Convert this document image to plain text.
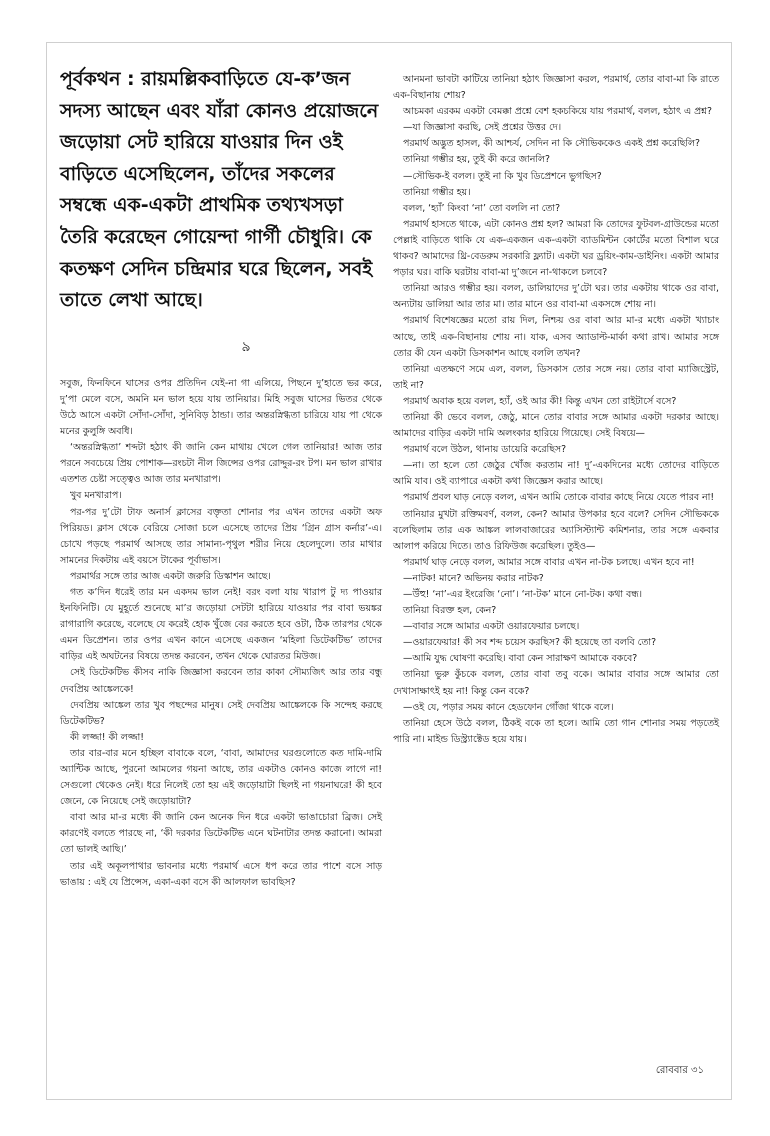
পূর্বকথন : রায়মল্লিকবাড়িতে যে-ক’জন সদস্য আছেন এবং যাঁরা কোনও প্রয়োজনে জড়োয়া সেট হারিয়ে যাওয়ার দিন ওই বাড়িতে এসেছিলেন, তাঁদের সকলের সম্বন্ধে এক-একটা প্রাথমিক তথ্যখসড়া তৈরি করেছেন গোয়েন্দা গার্গী চৌধুরি। কে কতক্ষণ সেদিন চন্দ্রিমার ঘরে ছিলেন, সবই তাতে লেখা আছে।

৯

সবুজ, ফিনফিনে ঘাসের ওপর প্রতিদিন যেই-না গা এলিয়ে, পিছনে দু’হাতে ভর করে, দু’পা মেলে বসে, অমনি মন ভাল হয়ে যায় তানিয়ার। মিহি সবুজ ঘাসের ভিতর থেকে উঠে আসে একটা সোঁদা-সোঁদা, সুনিবিড় ঠান্ডা। তার অন্তরস্নিগ্ধতা চারিয়ে যায় পা থেকে মনের কুলুঙ্গি অবধি।

‘অন্তরস্নিগ্ধতা’ শব্দটা হঠাৎ কী জানি কেন মাথায় খেলে গেল তানিয়ার! আজ তার পরনে সবচেয়ে প্রিয় পোশাক—রংচটা নীল জিন্সের ওপর রোদ্দুর-রং টপ। মন ভাল রাখার এতশত চেষ্টা সত্ত্বেও আজ তার মনখারাপ।

খুব মনখারাপ।

পর-পর দু’টো টাফ অনার্স ক্লাসের বক্তৃতা শোনার পর এখন তাদের একটা অফ পিরিয়ড। ক্লাস থেকে বেরিয়ে সোজা চলে এসেছে তাদের প্রিয় ‘গ্রিন গ্রাস কর্নার’-এ। চোখে পড়ছে পরমার্থ আসছে তার সামান্য-পৃথুল শরীর নিয়ে হেলেদুলে। তার মাথার সামনের দিকটায় এই বয়সে টাকের পূর্বাভাস।

পরমার্থর সঙ্গে তার আজ একটা জরুরি ডিস্কাশন আছে।

গত ক’দিন ধরেই তার মন একদম ভাল নেই! বরং বলা যায় খারাপ টু দ্য পাওয়ার ইনফিনিটি। যে মুহূর্তে শুনেছে মা’র জড়োয়া সেটটা হারিয়ে যাওয়ার পর বাবা ভয়ঙ্কর রাগারাগি করেছে, বলেছে যে করেই হোক খুঁজে বের করতে হবে ওটা, ঠিক তারপর থেকে এমন ডিপ্রেশন। তার ওপর এখন কানে এসেছে একজন ‘মহিলা ডিটেকটিভ’ তাদের বাড়ির এই অঘটনের বিষয়ে তদন্ত করবেন, তখন থেকে ঘোরতর মিউজ।

সেই ডিটেকটিভ কীসব নাকি জিজ্ঞাসা করবেন তার কাকা সৌম্যজিৎ আর তার বন্ধু দেবপ্রিয় আঙ্কেলকে!

দেবপ্রিয় আঙ্কেল তার খুব পছন্দের মানুষ। সেই দেবপ্রিয় আঙ্কেলকে কি সন্দেহ করছে ডিটেকটিভ?

কী লজ্জা! কী লজ্জা!

তার বার-বার মনে হচ্ছিল বাবাকে বলে, ‘বাবা, আমাদের ঘরগুলোতে কত দামি-দামি অ্যান্টিক আছে, পুরনো আমলের গয়না আছে, তার একটাও কোনও কাজে লাগে না! সেগুলো থেকেও নেই। ধরে নিলেই তো হয় এই জড়োয়াটা ছিলই না গয়নাঘরে! কী হবে জেনে, কে নিয়েছে সেই জড়োয়াটা?

বাবা আর মা-র মধ্যে কী জানি কেন অনেক দিন ধরে একটা ভাঙাচোরা ব্রিজ। সেই কারণেই বলতে পারছে না, ‘কী দরকার ডিটেকটিভ এনে ঘটনাটার তদন্ত করানো। আমরা তো ভালই আছি।’

তার এই অকূলপাথার ভাবনার মধ্যে পরমার্থ এসে ধপ করে তার পাশে বসে সাড় ভাঙায় : এই যে প্রিন্সেস, একা-একা বসে কী আলফাল ভাবছিস?

আনমনা ভাবটা কাটিয়ে তানিয়া হঠাৎ জিজ্ঞাসা করল, পরমার্থ, তোর বাবা-মা কি রাতে এক-বিছানায় শোয়?

আচমকা এরকম একটা বেমক্কা প্রশ্নে বেশ হকচকিয়ে যায় পরমার্থ, বলল, হঠাৎ এ প্রশ্ন?

—যা জিজ্ঞাসা করছি, সেই প্রশ্নের উত্তর দে।

পরমার্থ অদ্ভুত হাসল, কী আশ্চর্য, সেদিন না কি সৌভিককেও একই প্রশ্ন করেছিলি?

তানিয়া গম্ভীর হয়, তুই কী করে জানলি?

—সৌভিক-ই বলল। তুই না কি খুব ডিপ্রেশনে ভুগছিস?

তানিয়া গম্ভীর হয়।

বলল, ‘হ্যাঁ’ কিংবা ‘না’ তো বললি না তো?

পরমার্থ হাসতে থাকে, এটা কোনও প্রশ্ন হল? আমরা কি তোদের ফুটবল-গ্রাউন্ডের মতো পেল্লাই বাড়িতে থাকি যে এক-একজন এক-একটা ব্যাডমিন্টন কোর্টের মতো বিশাল ঘরে থাকব? আমাদের থ্রি-বেডরুম সরকারি ফ্ল্যাট। একটা ঘর ড্রয়িং-কাম-ডাইনিং। একটা আমার পড়ার ঘর। বাকি ঘরটায় বাবা-মা দু’জনে না-থাকলে চলবে?

তানিয়া আরও গম্ভীর হয়। বলল, ডালিয়াদের দু’টো ঘর। তার একটায় থাকে ওর বাবা, অন্যটায় ডালিয়া আর তার মা। তার মানে ওর বাবা-মা একসঙ্গে শোয় না।

পরমার্থ বিশেষজ্ঞের মতো রায় দিল, নিশ্চয় ওর বাবা আর মা-র মধ্যে একটা খ্যাচাং আছে, তাই এক-বিছানায় শোয় না। যাক, এসব অ্যাডাল্ট-মার্কা কথা রাখ। আমার সঙ্গে তোর কী যেন একটা ডিসকাশন আছে বললি তখন?

তানিয়া এতক্ষণে সমে এল, বলল, ডিসকাস তোর সঙ্গে নয়। তোর বাবা ম্যাজিস্ট্রেট, তাই না?

পরমার্থ অবাক হয়ে বলল, হ্যাঁ, ওই আর কী! কিন্তু এখন তো রাইটার্সে বসে?

তানিয়া কী ভেবে বলল, জেঠু, মানে তোর বাবার সঙ্গে আমার একটা দরকার আছে। আমাদের বাড়ির একটা দামি অলংকার হারিয়ে গিয়েছে। সেই বিষয়ে—

পরমার্থ বলে উঠল, থানায় ডায়েরি করেছিস?

—না। তা হলে তো জেঠুর খোঁজ করতাম না! দু’-একদিনের মধ্যে তোদের বাড়িতে আমি যাব। ওই ব্যাপারে একটা কথা জিজ্ঞেস করার আছে।

পরমার্থ প্রবল ঘাড় নেড়ে বলল, এখন আমি তোকে বাবার কাছে নিয়ে যেতে পারব না!

তানিয়ার মুখটা রক্তিমবর্ণ, বলল, কেন? আমার উপকার হবে বলে? সেদিন সৌভিককে বলেছিলাম তার এক আঙ্কল লালবাজারের অ্যাসিস্ট্যান্ট কমিশনার, তার সঙ্গে একবার আলাপ করিয়ে দিতে। তাও রিফিউজ করেছিল। তুইও—

পরমার্থ ঘাড় নেড়ে বলল, আমার সঙ্গে বাবার এখন না-টক চলছে। এখন হবে না!

—নাটক! মানে? অভিনয় করার নাটক?

—উঁহু! ‘না’-এর ইংরেজি ‘নো’। ‘না-টক’ মানে নো-টক। কথা বন্ধ।

তানিয়া বিরক্ত হল, কেন?

—বাবার সঙ্গে আমার একটা ওয়ারফেয়ার চলছে।

—ওয়ারফেয়ার! কী সব শব্দ চয়েস করছিস? কী হয়েছে তা বলবি তো?

—আমি যুদ্ধ ঘোষণা করেছি। বাবা কেন সারাক্ষণ আমাকে বকবে?

তানিয়া ভুরু কুঁচকে বলল, তোর বাবা তবু বকে। আমার বাবার সঙ্গে আমার তো দেখাসাক্ষাৎই হয় না! কিন্তু কেন বকে?

—ওই যে, পড়ার সময় কানে হেডফোন গোঁজা থাকে বলে।

তানিয়া হেসে উঠে বলল, ঠিকই বকে তা হলে। আমি তো গান শোনার সময় পড়তেই পারি না। মাইন্ড ডিস্ট্র্যাক্টেড হয়ে যায়।

রোববার ৩১
